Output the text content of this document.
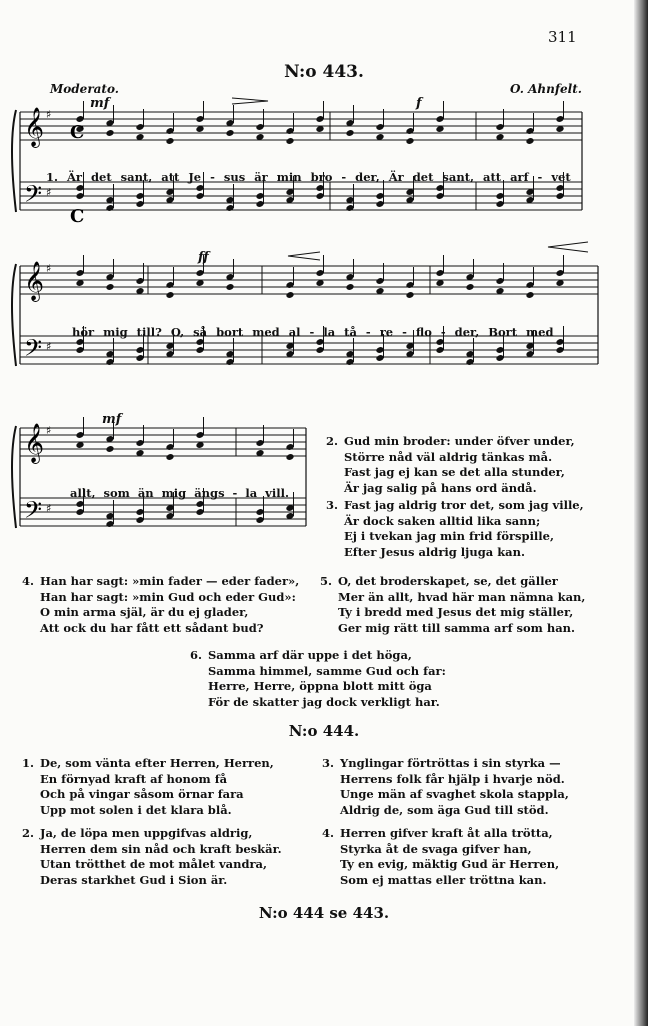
311
N:o 443.
Moderato.	O. Ahnfelt.
𝄞
𝄢
♯
♯
𝄞
𝄢
♯
♯
𝄞
𝄢
♯
♯
C
C
mf	f
ff
mf
1. Är det sant, att Je - sus är min bro - der, Är det sant, att arf - vet
hör mig till? O, så bort med al - la tå - re - flo - der, Bort med
allt, som än mig ängs - la vill.
2. Gud min broder: under öfver under,
Större nåd väl aldrig tänkas må.
Fast jag ej kan se det alla stunder,
Är jag salig på hans ord ändå.
3. Fast jag aldrig tror det, som jag ville,
Är dock saken alltid lika sann;
Ej i tvekan jag min frid förspille,
Efter Jesus aldrig ljuga kan.
4. Han har sagt: »min fader — eder fader»,
Han har sagt: »min Gud och eder Gud»:
O min arma själ, är du ej glader,
Att ock du har fått ett sådant bud?
5. O, det broderskapet, se, det gäller
Mer än allt, hvad här man nämna kan,
Ty i bredd med Jesus det mig ställer,
Ger mig rätt till samma arf som han.
6. Samma arf där uppe i det höga,
Samma himmel, samme Gud och far:
Herre, Herre, öppna blott mitt öga
För de skatter jag dock verkligt har.
N:o 444.
1. De, som vänta efter Herren, Herren,
En förnyad kraft af honom få
Och på vingar såsom örnar fara
Upp mot solen i det klara blå.
2. Ja, de löpa men uppgifvas aldrig,
Herren dem sin nåd och kraft beskär.
Utan trötthet de mot målet vandra,
Deras starkhet Gud i Sion är.
3. Ynglingar förtröttas i sin styrka —
Herrens folk får hjälp i hvarje nöd.
Unge män af svaghet skola stappla,
Aldrig de, som äga Gud till stöd.
4. Herren gifver kraft åt alla trötta,
Styrka åt de svaga gifver han,
Ty en evig, mäktig Gud är Herren,
Som ej mattas eller tröttna kan.
N:o 444 se 443.
